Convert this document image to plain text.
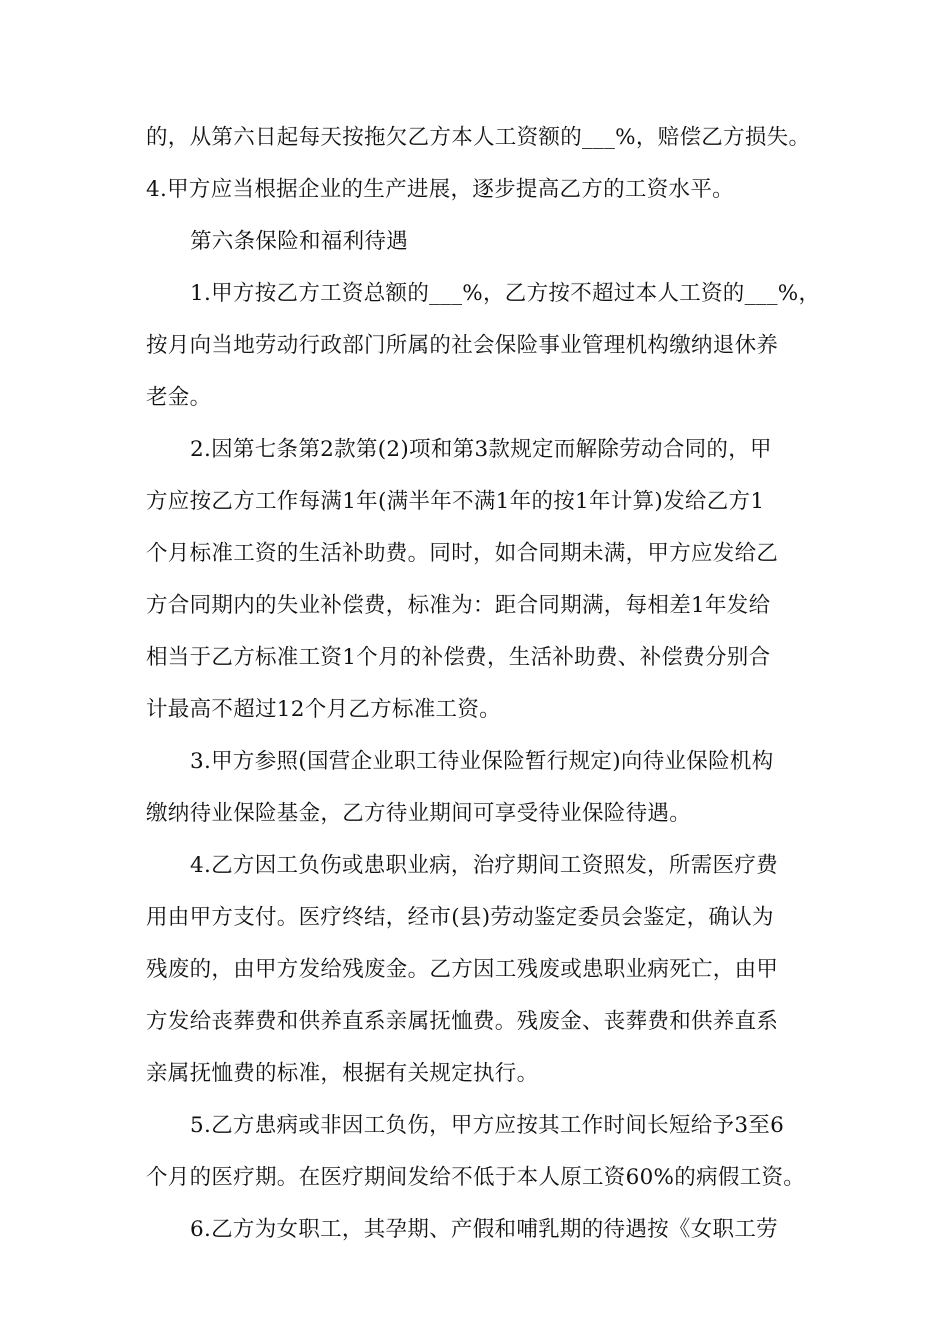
的，从第六日起每天按拖欠乙方本人工资额的___%，赔偿乙方损失。
4.甲方应当根据企业的生产进展，逐步提高乙方的工资水平。
第六条保险和福利待遇
1.甲方按乙方工资总额的___%，乙方按不超过本人工资的___%，
按月向当地劳动行政部门所属的社会保险事业管理机构缴纳退休养
老金。
2.因第七条第2款第(2)项和第3款规定而解除劳动合同的，甲
方应按乙方工作每满1年(满半年不满1年的按1年计算)发给乙方1
个月标准工资的生活补助费。同时，如合同期未满，甲方应发给乙
方合同期内的失业补偿费，标准为：距合同期满，每相差1年发给
相当于乙方标准工资1个月的补偿费，生活补助费、补偿费分别合
计最高不超过12个月乙方标准工资。
3.甲方参照(国营企业职工待业保险暂行规定)向待业保险机构
缴纳待业保险基金，乙方待业期间可享受待业保险待遇。
4.乙方因工负伤或患职业病，治疗期间工资照发，所需医疗费
用由甲方支付。医疗终结，经市(县)劳动鉴定委员会鉴定，确认为
残废的，由甲方发给残废金。乙方因工残废或患职业病死亡，由甲
方发给丧葬费和供养直系亲属抚恤费。残废金、丧葬费和供养直系
亲属抚恤费的标准，根据有关规定执行。
5.乙方患病或非因工负伤，甲方应按其工作时间长短给予3至6
个月的医疗期。在医疗期间发给不低于本人原工资60%的病假工资。
6.乙方为女职工，其孕期、产假和哺乳期的待遇按《女职工劳
